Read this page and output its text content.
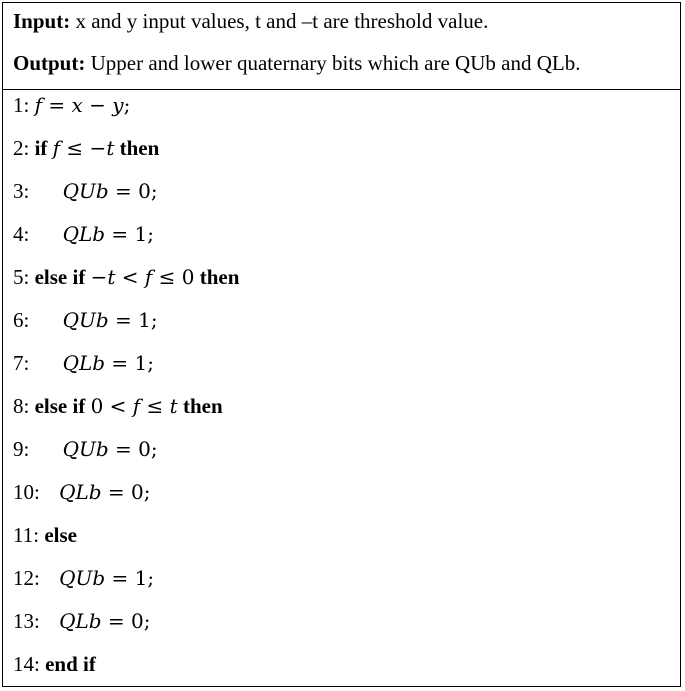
Input: x and y input values, t and –t are threshold value.
Output: Upper and lower quaternary bits which are QUb and QLb.
1: f = x − y;
2: if f ≤ −t then
3: QUb = 0;
4: QLb = 1;
5: else if −t < f ≤ 0 then
6: QUb = 1;
7: QLb = 1;
8: else if 0 < f ≤ t then
9: QUb = 0;
10: QLb = 0;
11: else
12: QUb = 1;
13: QLb = 0;
14: end if
